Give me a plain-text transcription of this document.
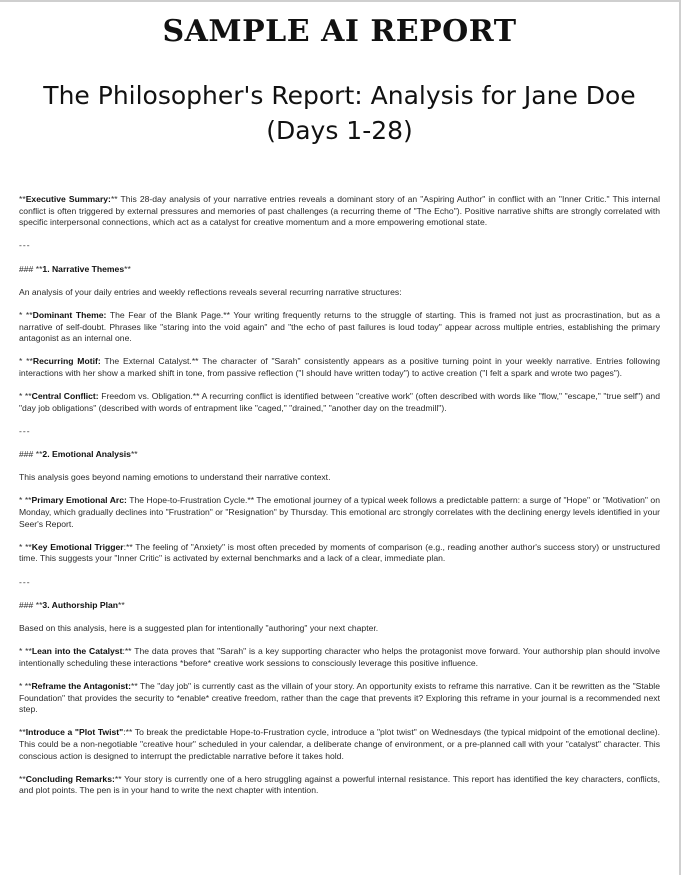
SAMPLE AI REPORT
The Philosopher's Report: Analysis for Jane Doe (Days 1-28)

**Executive Summary:** This 28-day analysis of your narrative entries reveals a dominant story of an "Aspiring Author" in conflict with an "Inner Critic." This internal conflict is often triggered by external pressures and memories of past challenges (a recurring theme of "The Echo"). Positive narrative shifts are strongly correlated with specific interpersonal connections, which act as a catalyst for creative momentum and a more empowering emotional state.

---

### **1. Narrative Themes**

An analysis of your daily entries and weekly reflections reveals several recurring narrative structures:

* **Dominant Theme: The Fear of the Blank Page.** Your writing frequently returns to the struggle of starting. This is framed not just as procrastination, but as a narrative of self-doubt. Phrases like "staring into the void again" and "the echo of past failures is loud today" appear across multiple entries, establishing the primary antagonist as an internal one.

* **Recurring Motif: The External Catalyst.** The character of "Sarah" consistently appears as a positive turning point in your weekly narrative. Entries following interactions with her show a marked shift in tone, from passive reflection ("I should have written today") to active creation ("I felt a spark and wrote two pages").

* **Central Conflict: Freedom vs. Obligation.** A recurring conflict is identified between "creative work" (often described with words like "flow," "escape," "true self") and "day job obligations" (described with words of entrapment like "caged," "drained," "another day on the treadmill").

---

### **2. Emotional Analysis**

This analysis goes beyond naming emotions to understand their narrative context.

* **Primary Emotional Arc: The Hope-to-Frustration Cycle.** The emotional journey of a typical week follows a predictable pattern: a surge of "Hope" or "Motivation" on Monday, which gradually declines into "Frustration" or "Resignation" by Thursday. This emotional arc strongly correlates with the declining energy levels identified in your Seer's Report.

* **Key Emotional Trigger:** The feeling of "Anxiety" is most often preceded by moments of comparison (e.g., reading another author's success story) or unstructured time. This suggests your "Inner Critic" is activated by external benchmarks and a lack of a clear, immediate plan.

---

### **3. Authorship Plan**

Based on this analysis, here is a suggested plan for intentionally "authoring" your next chapter.

* **Lean into the Catalyst:** The data proves that "Sarah" is a key supporting character who helps the protagonist move forward. Your authorship plan should involve intentionally scheduling these interactions *before* creative work sessions to consciously leverage this positive influence.

* **Reframe the Antagonist:** The "day job" is currently cast as the villain of your story. An opportunity exists to reframe this narrative. Can it be rewritten as the "Stable Foundation" that provides the security to *enable* creative freedom, rather than the cage that prevents it? Exploring this reframe in your journal is a recommended next step.

**Introduce a "Plot Twist":** To break the predictable Hope-to-Frustration cycle, introduce a "plot twist" on Wednesdays (the typical midpoint of the emotional decline). This could be a non-negotiable "creative hour" scheduled in your calendar, a deliberate change of environment, or a pre-planned call with your "catalyst" character. This conscious action is designed to interrupt the predictable narrative before it takes hold.

**Concluding Remarks:** Your story is currently one of a hero struggling against a powerful internal resistance. This report has identified the key characters, conflicts, and plot points. The pen is in your hand to write the next chapter with intention.
